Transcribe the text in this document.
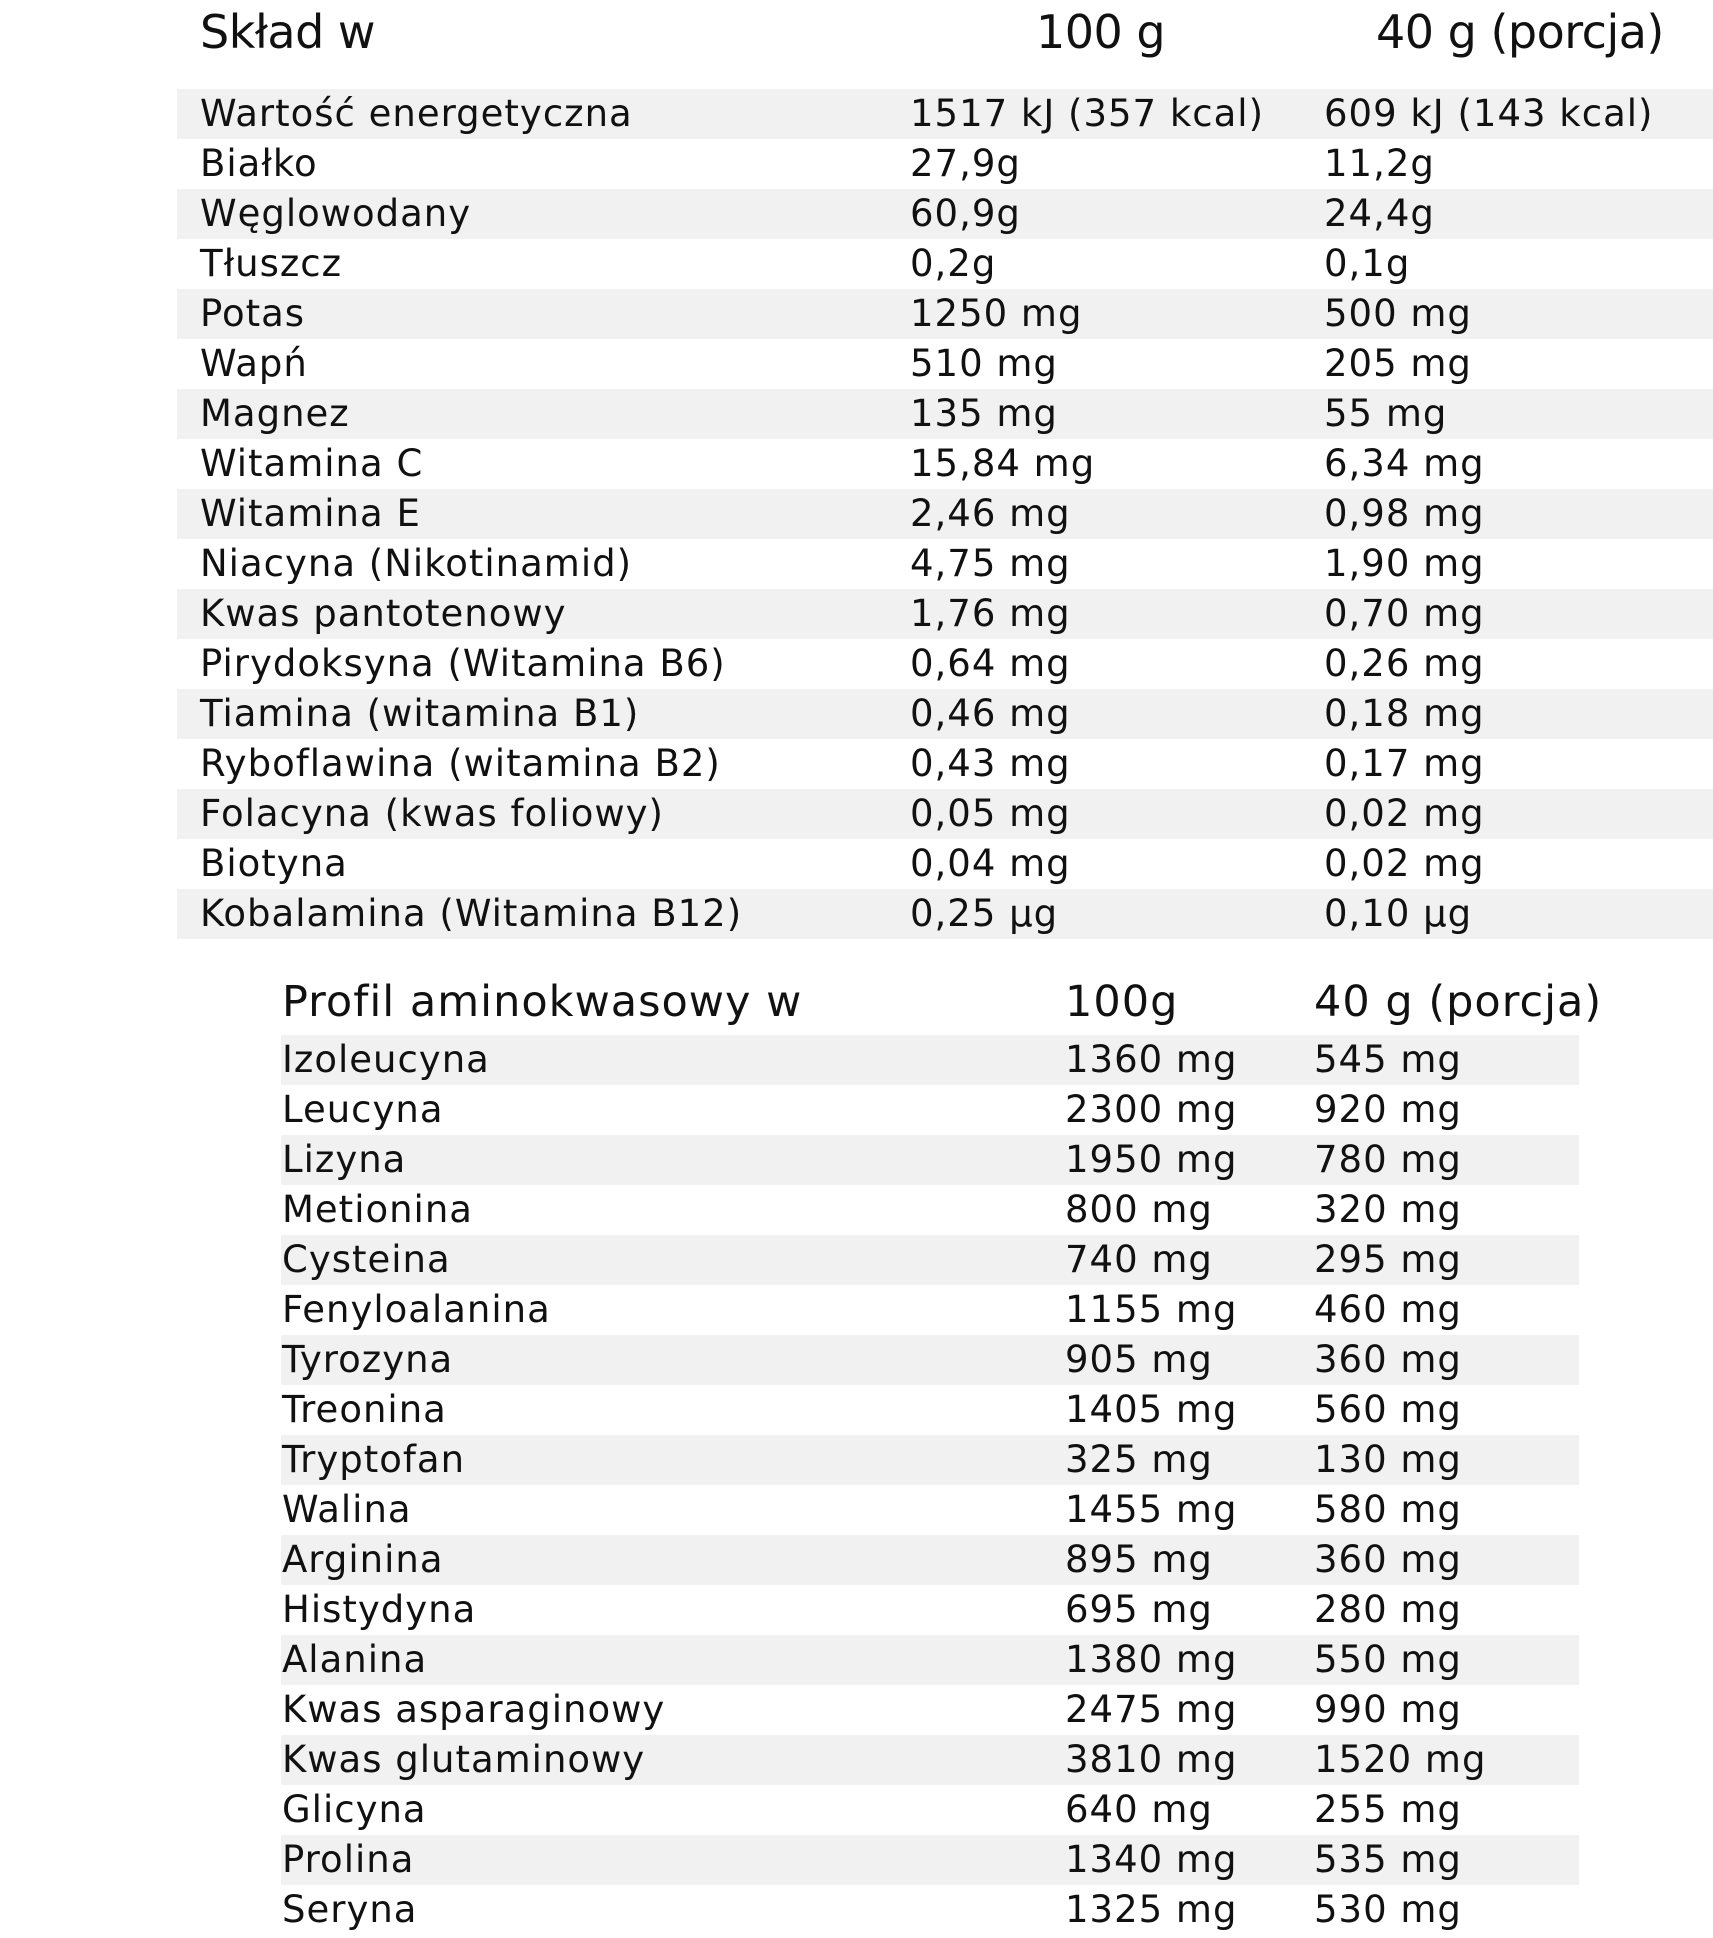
Skład w	100 g	40 g (porcja)
Wartość energetyczna	1517 kJ (357 kcal) 609 kJ (143 kcal)
Białko	27,9g	11,2g
Węglowodany	60,9g	24,4g
Tłuszcz	0,2g	0,1g
Potas	1250 mg	500 mg
Wapń	510 mg	205 mg
Magnez	135 mg	55 mg
Witamina C	15,84 mg	6,34 mg
Witamina E	2,46 mg	0,98 mg
Niacyna (Nikotinamid)	4,75 mg	1,90 mg
Kwas pantotenowy	1,76 mg	0,70 mg
Pirydoksyna (Witamina B6)	0,64 mg	0,26 mg
Tiamina (witamina B1)	0,46 mg	0,18 mg
Ryboflawina (witamina B2)	0,43 mg	0,17 mg
Folacyna (kwas foliowy)	0,05 mg	0,02 mg
Biotyna	0,04 mg	0,02 mg
Kobalamina (Witamina B12)	0,25 µg	0,10 µg
Profil aminokwasowy w	100g	40 g (porcja)
Izoleucyna	1360 mg 545 mg
Leucyna	2300 mg 920 mg
Lizyna	1950 mg 780 mg
Metionina	800 mg	320 mg
Cysteina	740 mg	295 mg
Fenyloalanina	1155 mg 460 mg
Tyrozyna	905 mg	360 mg
Treonina	1405 mg 560 mg
Tryptofan	325 mg	130 mg
Walina	1455 mg 580 mg
Arginina	895 mg	360 mg
Histydyna	695 mg	280 mg
Alanina	1380 mg 550 mg
Kwas asparaginowy	2475 mg 990 mg
Kwas glutaminowy	3810 mg 1520 mg
Glicyna	640 mg	255 mg
Prolina	1340 mg 535 mg
Seryna	1325 mg 530 mg
